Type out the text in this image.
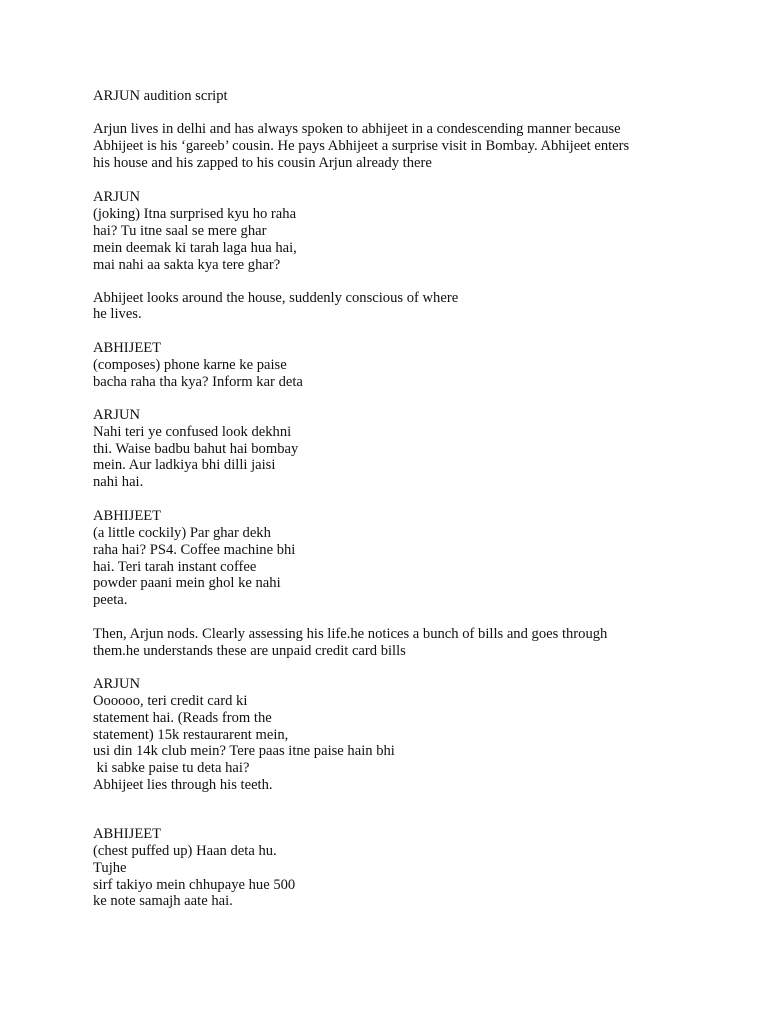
ARJUN audition script
Arjun lives in delhi and has always spoken to abhijeet in a condescending manner because
Abhijeet is his ‘gareeb’ cousin. He pays Abhijeet a surprise visit in Bombay. Abhijeet enters
his house and his zapped to his cousin Arjun already there
ARJUN
(joking) Itna surprised kyu ho raha
hai? Tu itne saal se mere ghar
mein deemak ki tarah laga hua hai,
mai nahi aa sakta kya tere ghar?
Abhijeet looks around the house, suddenly conscious of where
he lives.
ABHIJEET
(composes) phone karne ke paise
bacha raha tha kya? Inform kar deta
ARJUN
Nahi teri ye confused look dekhni
thi. Waise badbu bahut hai bombay
mein. Aur ladkiya bhi dilli jaisi
nahi hai.
ABHIJEET
(a little cockily) Par ghar dekh
raha hai? PS4. Coffee machine bhi
hai. Teri tarah instant coffee
powder paani mein ghol ke nahi
peeta.
Then, Arjun nods. Clearly assessing his life.he notices a bunch of bills and goes through
them.he understands these are unpaid credit card bills
ARJUN
Oooooo, teri credit card ki
statement hai. (Reads from the
statement) 15k restaurarent mein,
usi din 14k club mein? Tere paas itne paise hain bhi
ki sabke paise tu deta hai?
Abhijeet lies through his teeth.
ABHIJEET
(chest puffed up) Haan deta hu.
Tujhe
sirf takiyo mein chhupaye hue 500
ke note samajh aate hai.
